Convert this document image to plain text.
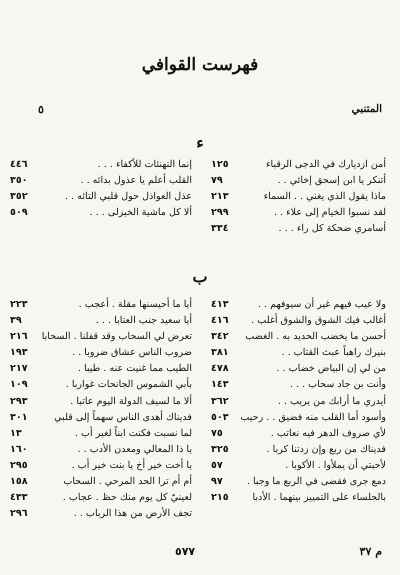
فهرست القوافي
المتنبي
٥
ء
أمن ازديارك في الدجى الرقباء
١٢٥
أتنكر يا ابن إسحق إخائي . .
٧٩
ماذا يقول الذي يغني . . السماء
٢١٣
لقد نسبوا الخيام إلى علاء . .
٢٩٩
أسامري ضحكة كل راء . . .
٣٣٤
إنما التهنئات للأكفاء . . .
٤٤٦
القلب أعلم يا عذول بدائه . .
٣٥٠
عذل العواذل حول قلبي التائه . .
٣٥٢
ألا كل ماشية الخيزلى . . .
٥٠٩
ب
ولا عيب فيهم غير أن سيوفهم . .
٤١٣
أغالب فيك الشوق والشوق أغلب .
٤١٦
أحسن ما يخضب الحديد به . الغضب
٣٤٢
بنيرك راهباً عبث القتاب . .
٣٨١
من لي إن البياض خضاب . .
٤٧٨
وأنت بن جاد سحاب . . .
١٤٣
أيدري ما أرابك من يريب . .
٣٦٢
وأسود أما القلب منه فضيق . . رحيب
٥٠٣
لأي صروف الدهر فيه نعاتب .
٧٥
فديناك من ربع وإن زدتنا كربا .
٣٢٥
لأحبتي أن يملأوا . الأكوبا .
٥٧
دمع جرى فقضى في الربع ما وجبا .
٩٧
بالجلساء على التمييز بينهما . الأدبا
٢١٥
أيا ما أحيسنها مقلة . أعجب .
٢٢٣
أيا سعيد جنب العتابا . . .
٣٩
تعرض لي السحاب وقد قفلنا . السحابا
٢١٦
ضروب الناس عشاق ضروبا . .
١٩٣
الطيب مما غنيت عنه . طيبا .
٢١٧
بأبي الشموس الجانحات غواربا .
١٠٩
ألا ما لسيف الدولة اليوم عاتبا .
٢٩٣
فديناك أهدى الناس سهماً إلى قلبي
٣٠١
لما نسبت فكنت ابناً لغير أب .
١٣
يا ذا المعالي ومعدن الأدب . .
١٦٠
يا أخت خير أخ يا بنت خير أب .
٢٩٥
أم أم ترا الحد المرحي . السحاب
١٥٨
لعينيّ كل يوم منك حظ . عجاب .
٤٣٣
تجف الأرض من هذا الرباب . .
٢٩٦
٥٧٧	م ٣٧
